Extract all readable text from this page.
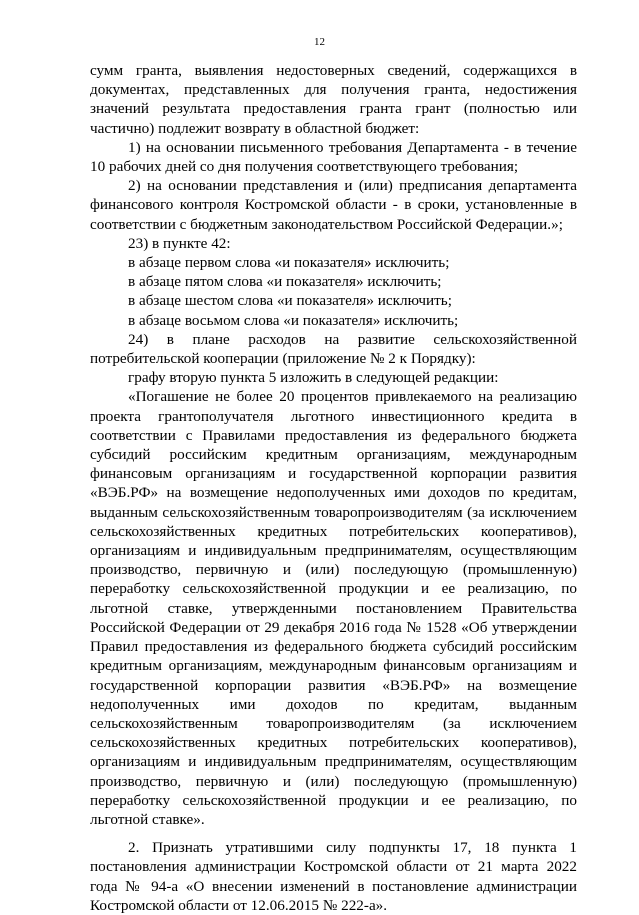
12

сумм гранта, выявления недостоверных сведений, содержащихся в документах, представленных для получения гранта, недостижения значений результата предоставления гранта грант (полностью или частично) подлежит возврату в областной бюджет:

1) на основании письменного требования Департамента - в течение 10 рабочих дней со дня получения соответствующего требования;

2) на основании представления и (или) предписания департамента финансового контроля Костромской области - в сроки, установленные в соответствии с бюджетным законодательством Российской Федерации.»;

23) в пункте 42:

в абзаце первом слова «и показателя» исключить;

в абзаце пятом слова «и показателя» исключить;

в абзаце шестом слова «и показателя» исключить;

в абзаце восьмом слова «и показателя» исключить;

24) в плане расходов на развитие сельскохозяйственной потребительской кооперации (приложение № 2 к Порядку):

графу вторую пункта 5 изложить в следующей редакции:

«Погашение не более 20 процентов привлекаемого на реализацию проекта грантополучателя льготного инвестиционного кредита в соответствии с Правилами предоставления из федерального бюджета субсидий российским кредитным организациям, международным финансовым организациям и государственной корпорации развития «ВЭБ.РФ» на возмещение недополученных ими доходов по кредитам, выданным сельскохозяйственным товаропроизводителям (за исключением сельскохозяйственных кредитных потребительских кооперативов), организациям и индивидуальным предпринимателям, осуществляющим производство, первичную и (или) последующую (промышленную) переработку сельскохозяйственной продукции и ее реализацию, по льготной ставке, утвержденными постановлением Правительства Российской Федерации от 29 декабря 2016 года № 1528 «Об утверждении Правил предоставления из федерального бюджета субсидий российским кредитным организациям, международным финансовым организациям и государственной корпорации развития «ВЭБ.РФ» на возмещение недополученных ими доходов по кредитам, выданным сельскохозяйственным товаропроизводителям (за исключением сельскохозяйственных кредитных потребительских кооперативов), организациям и индивидуальным предпринимателям, осуществляющим производство, первичную и (или) последующую (промышленную) переработку сельскохозяйственной продукции и ее реализацию, по льготной ставке».

2. Признать утратившими силу подпункты 17, 18 пункта 1 постановления администрации Костромской области от 21 марта 2022 года № 94-а «О внесении изменений в постановление администрации Костромской области от 12.06.2015 № 222-а».
